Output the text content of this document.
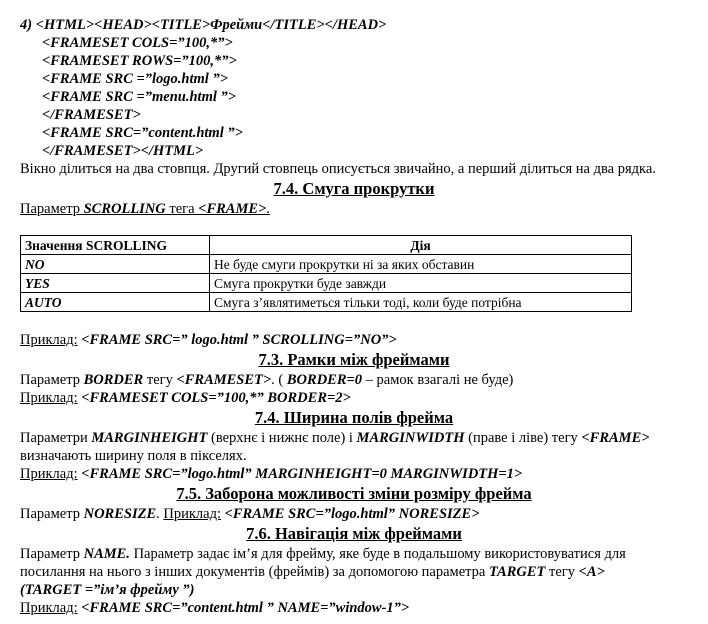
4) <HTML><HEAD><TITLE>Фрейми</TITLE></HEAD>
<FRAMESET COLS=”100,*”>
<FRAMESET ROWS=”100,*”>
<FRAME SRC =”logo.html ”>
<FRAME SRC =”menu.html ”>
</FRAMESET>
<FRAME SRC=”content.html ”>
</FRAMESET></HTML>
Вікно ділиться на два стовпця. Другий стовпець описується звичайно, а перший ділиться на два рядка.
7.4. Смуга прокрутки
Параметр SCROLLING тега <FRAME>.
Значення SCROLLING	Дія
NO	Не буде смуги прокрутки ні за яких обставин
YES	Смуга прокрутки буде завжди
AUTO	Смуга з’являтиметься тільки тоді, коли буде потрібна
Приклад: <FRAME SRC=” logo.html ” SCROLLING=”NO”>
7.3. Рамки між фреймами
Параметр BORDER тегу <FRAMESET>. ( BORDER=0 – рамок взагалі не буде)
Приклад: <FRAMESET COLS=”100,*” BORDER=2>
7.4. Ширина полів фрейма
Параметри MARGINHEIGHT (верхнє і нижнє поле) і MARGINWIDTH (праве і ліве) тегу <FRAME>
визначають ширину поля в пікселях.
Приклад: <FRAME SRC=”logo.html” MARGINHEIGHT=0 MARGINWIDTH=1>
7.5. Заборона можливості зміни розміру фрейма
Параметр NORESIZE. Приклад: <FRAME SRC=”logo.html” NORESIZE>
7.6. Навігація між фреймами
Параметр NAME. Параметр задає ім’я для фрейму, яке буде в подальшому використовуватися для
посилання на нього з інших документів (фреймів) за допомогою параметра TARGET тегу <A>
(TARGET =”ім’я фрейму ”)
Приклад: <FRAME SRC=”content.html ” NAME=”window-1”>
